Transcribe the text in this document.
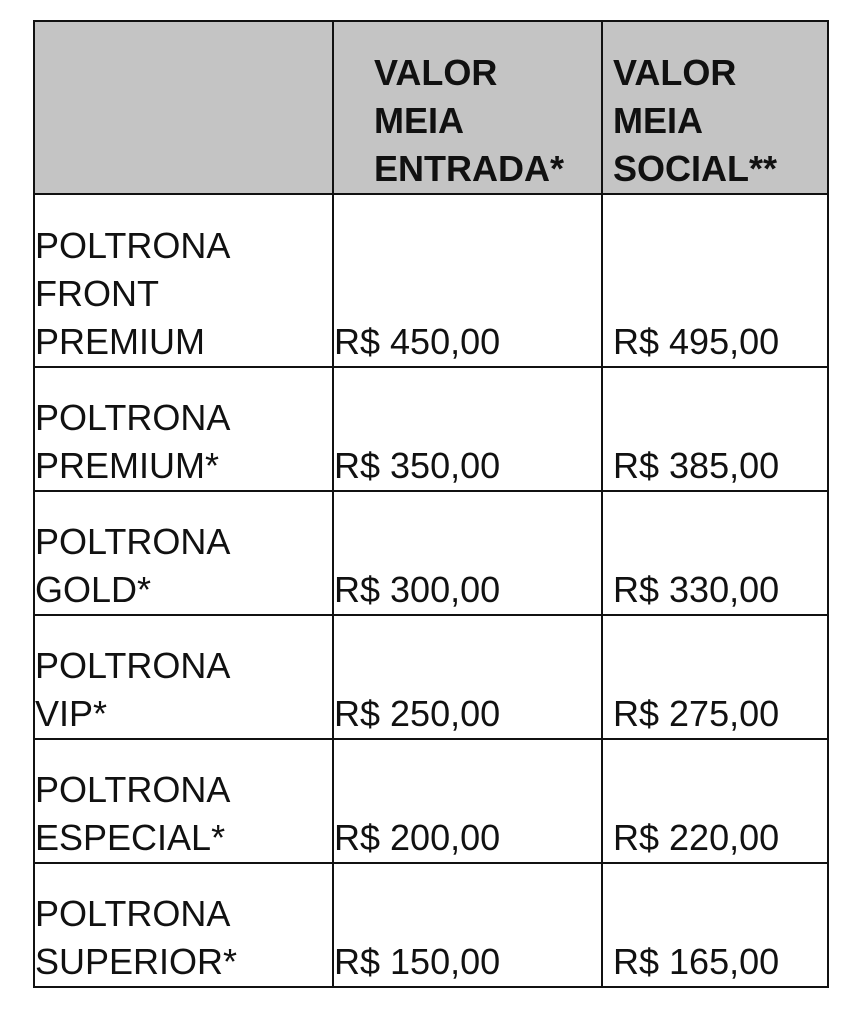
	VALOR
MEIA
ENTRADA*	VALOR
MEIA
SOCIAL**

POLTRONA
FRONT
PREMIUM	R$ 450,00	R$ 495,00

POLTRONA
PREMIUM*	R$ 350,00	R$ 385,00

POLTRONA
GOLD*	R$ 300,00	R$ 330,00

POLTRONA
VIP*	R$ 250,00	R$ 275,00

POLTRONA
ESPECIAL*	R$ 200,00	R$ 220,00

POLTRONA
SUPERIOR*	R$ 150,00	R$ 165,00
